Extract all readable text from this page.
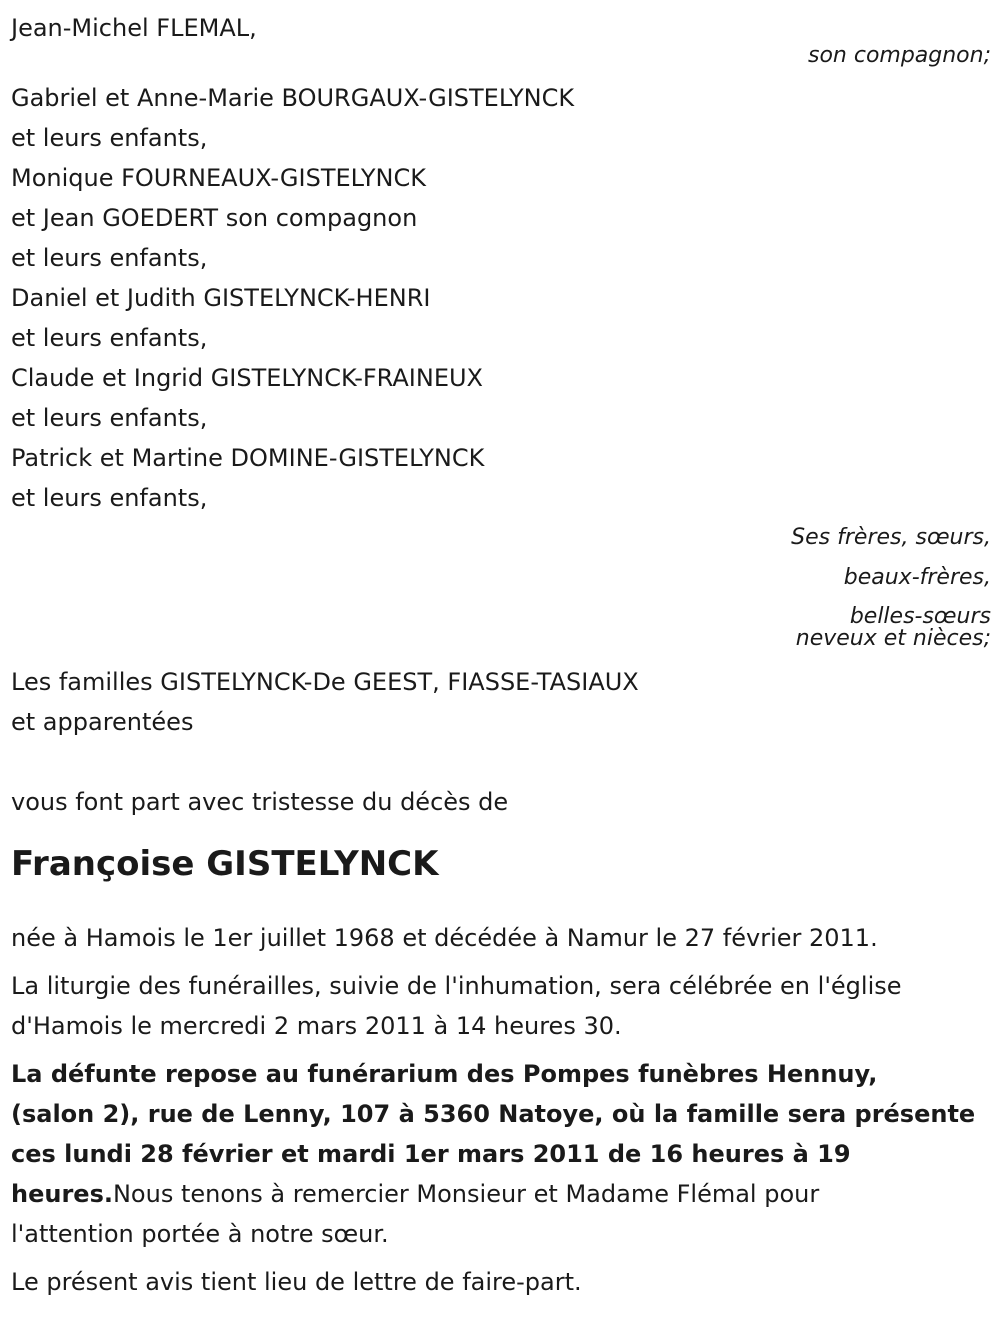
Jean-Michel FLEMAL,

son compagnon;

Gabriel et Anne-Marie BOURGAUX-GISTELYNCK

et leurs enfants,

Monique FOURNEAUX-GISTELYNCK

et Jean GOEDERT son compagnon

et leurs enfants,

Daniel et Judith GISTELYNCK-HENRI

et leurs enfants,

Claude et Ingrid GISTELYNCK-FRAINEUX

et leurs enfants,

Patrick et Martine DOMINE-GISTELYNCK

et leurs enfants,

Ses frères, sœurs,

beaux-frères,

belles-sœurs

neveux et nièces;

Les familles GISTELYNCK-De GEEST, FIASSE-TASIAUX

et apparentées

vous font part avec tristesse du décès de

Françoise GISTELYNCK

née à Hamois le 1er juillet 1968 et décédée à Namur le 27 février 2011.

La liturgie des funérailles, suivie de l'inhumation, sera célébrée en l'église
d'Hamois le mercredi 2 mars 2011 à 14 heures 30.

La défunte repose au funérarium des Pompes funèbres Hennuy,
(salon 2), rue de Lenny, 107 à 5360 Natoye, où la famille sera présente
ces lundi 28 février et mardi 1er mars 2011 de 16 heures à 19
heures.Nous tenons à remercier Monsieur et Madame Flémal pour
l'attention portée à notre sœur.

Le présent avis tient lieu de lettre de faire-part.
